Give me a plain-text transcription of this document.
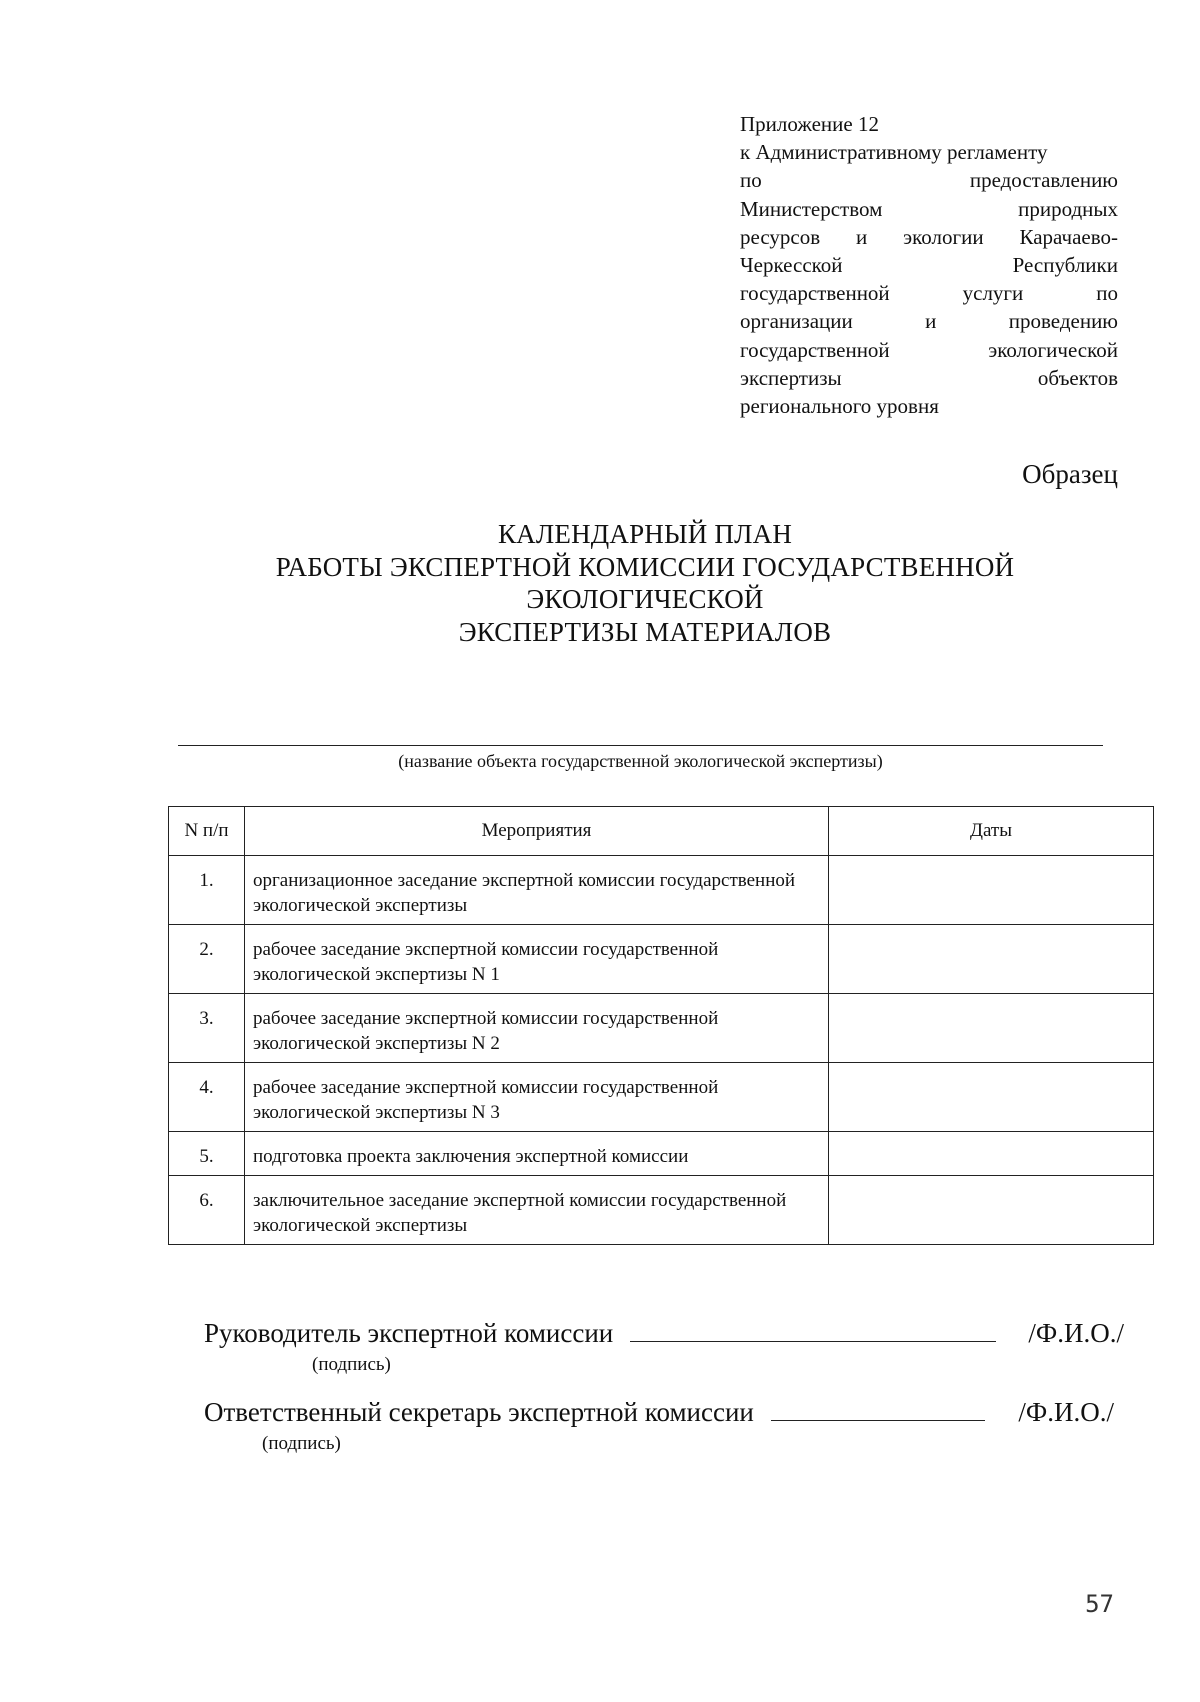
Приложение 12
к Административному регламенту
по	предоставлению
Министерством	природных
ресурсов и экологии Карачаево-
Черкесской	Республики
государственной	услуги	по
организации	и	проведению
государственной	экологической
экспертизы	объектов
регионального уровня
Образец
КАЛЕНДАРНЫЙ ПЛАН
РАБОТЫ ЭКСПЕРТНОЙ КОМИССИИ ГОСУДАРСТВЕННОЙ
ЭКОЛОГИЧЕСКОЙ
ЭКСПЕРТИЗЫ МАТЕРИАЛОВ
(название объекта государственной экологической экспертизы)
N п/п	Мероприятия	Даты
1.	организационное заседание экспертной комиссии государственной экологической экспертизы	
2.	рабочее заседание экспертной комиссии государственной экологической экспертизы N 1	
3.	рабочее заседание экспертной комиссии государственной экологической экспертизы N 2	
4.	рабочее заседание экспертной комиссии государственной экологической экспертизы N 3	
5.	подготовка проекта заключения экспертной комиссии	
6.	заключительное заседание экспертной комиссии государственной экологической экспертизы	
Руководитель экспертной комиссии	/Ф.И.О./
(подпись)
Ответственный секретарь экспертной комиссии	/Ф.И.О./
(подпись)
57
